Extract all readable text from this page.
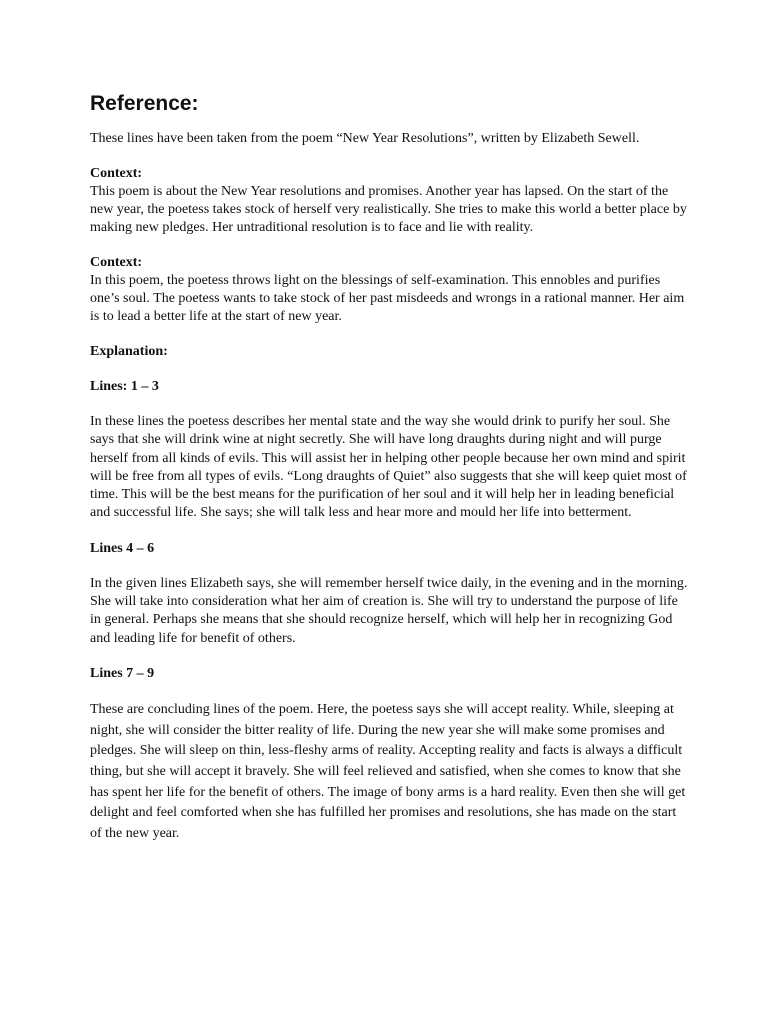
Reference:

These lines have been taken from the poem “New Year Resolutions”, written by Elizabeth Sewell.

Context:

This poem is about the New Year resolutions and promises. Another year has lapsed. On the start of the new year, the poetess takes stock of herself very realistically. She tries to make this world a better place by making new pledges. Her untraditional resolution is to face and lie with reality.

Context:

In this poem, the poetess throws light on the blessings of self-examination. This ennobles and purifies one’s soul. The poetess wants to take stock of her past misdeeds and wrongs in a rational manner. Her aim is to lead a better life at the start of new year.

Explanation:

Lines: 1 – 3

In these lines the poetess describes her mental state and the way she would drink to purify her soul. She says that she will drink wine at night secretly. She will have long draughts during night and will purge herself from all kinds of evils. This will assist her in helping other people because her own mind and spirit will be free from all types of evils. “Long draughts of Quiet” also suggests that she will keep quiet most of time. This will be the best means for the purification of her soul and it will help her in leading beneficial and successful life. She says; she will talk less and hear more and mould her life into betterment.

Lines 4 – 6

In the given lines Elizabeth says, she will remember herself twice daily, in the evening and in the morning. She will take into consideration what her aim of creation is. She will try to understand the purpose of life in general. Perhaps she means that she should recognize herself, which will help her in recognizing God and leading life for benefit of others.

Lines 7 – 9

These are concluding lines of the poem. Here, the poetess says she will accept reality. While, sleeping at night, she will consider the bitter reality of life. During the new year she will make some promises and pledges. She will sleep on thin, less-fleshy arms of reality. Accepting reality and facts is always a difficult thing, but she will accept it bravely. She will feel relieved and satisfied, when she comes to know that she has spent her life for the benefit of others. The image of bony arms is a hard reality. Even then she will get delight and feel comforted when she has fulfilled her promises and resolutions, she has made on the start of the new year.
